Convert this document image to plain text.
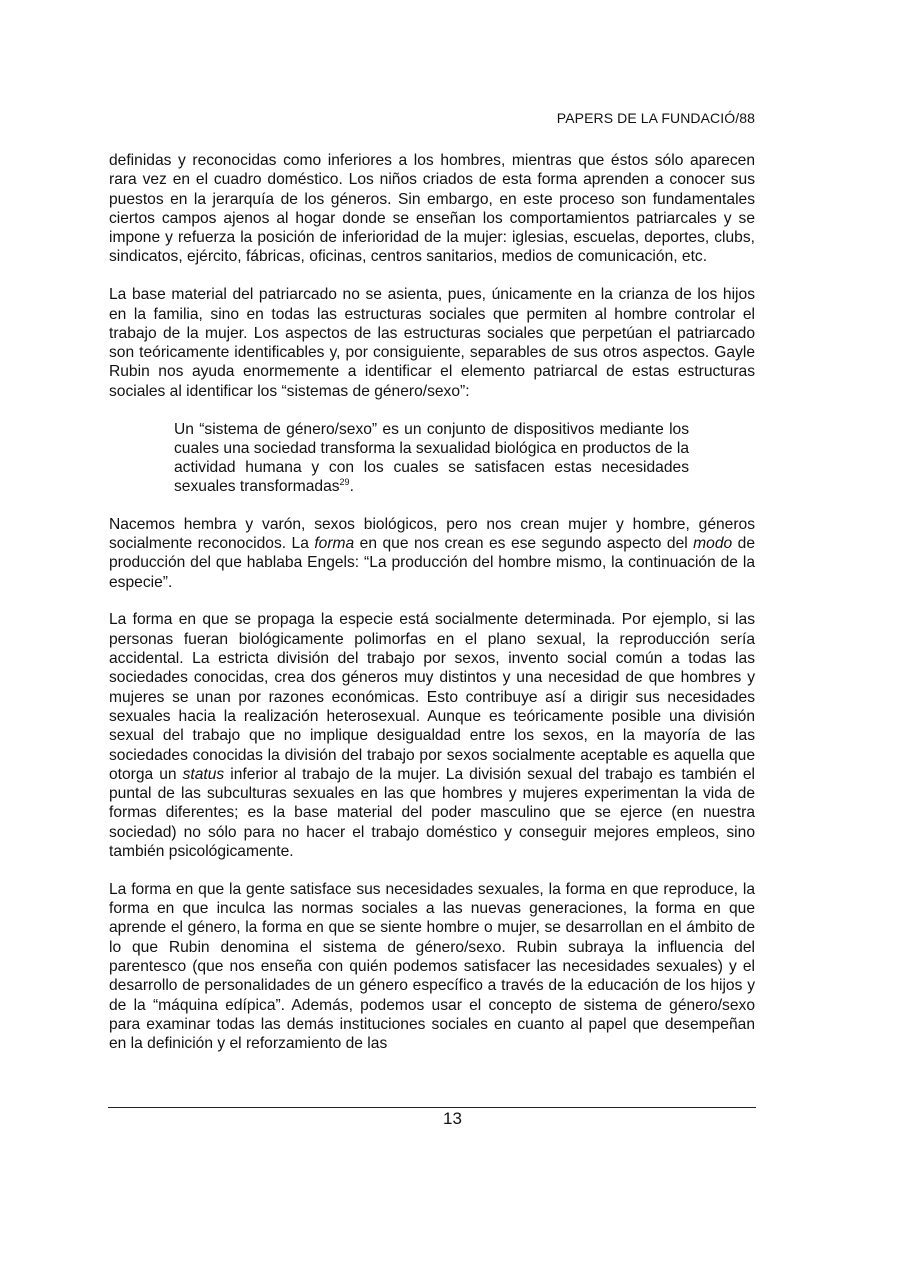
PAPERS DE LA FUNDACIÓ/88

definidas y reconocidas como inferiores a los hombres, mientras que éstos sólo aparecen rara vez en el cuadro doméstico. Los niños criados de esta forma aprenden a conocer sus puestos en la jerarquía de los géneros. Sin embargo, en este proceso son fundamentales ciertos campos ajenos al hogar donde se enseñan los comportamientos patriarcales y se impone y refuerza la posición de inferioridad de la mujer: iglesias, escuelas, deportes, clubs, sindicatos, ejército, fábricas, oficinas, centros sanitarios, medios de comunicación, etc.

La base material del patriarcado no se asienta, pues, únicamente en la crianza de los hijos en la familia, sino en todas las estructuras sociales que permiten al hombre controlar el trabajo de la mujer. Los aspectos de las estructuras sociales que perpetúan el patriarcado son teóricamente identificables y, por consiguiente, separables de sus otros aspectos. Gayle Rubin nos ayuda enormemente a identificar el elemento patriarcal de estas estructuras sociales al identificar los “sistemas de género/sexo”:

Un “sistema de género/sexo” es un conjunto de dispositivos mediante los cuales una sociedad transforma la sexualidad biológica en productos de la actividad humana y con los cuales se satisfacen estas necesidades sexuales transformadas$^{29}$.

Nacemos hembra y varón, sexos biológicos, pero nos crean mujer y hombre, géneros socialmente reconocidos. La forma en que nos crean es ese segundo aspecto del modo de producción del que hablaba Engels: “La producción del hombre mismo, la continuación de la especie”.

La forma en que se propaga la especie está socialmente determinada. Por ejemplo, si las personas fueran biológicamente polimorfas en el plano sexual, la reproducción sería accidental. La estricta división del trabajo por sexos, invento social común a todas las sociedades conocidas, crea dos géneros muy distintos y una necesidad de que hombres y mujeres se unan por razones económicas. Esto contribuye así a dirigir sus necesidades sexuales hacia la realización heterosexual. Aunque es teóricamente posible una división sexual del trabajo que no implique desigualdad entre los sexos, en la mayoría de las sociedades conocidas la división del trabajo por sexos socialmente aceptable es aquella que otorga un status inferior al trabajo de la mujer. La división sexual del trabajo es también el puntal de las subculturas sexuales en las que hombres y mujeres experimentan la vida de formas diferentes; es la base material del poder masculino que se ejerce (en nuestra sociedad) no sólo para no hacer el trabajo doméstico y conseguir mejores empleos, sino también psicológicamente.

La forma en que la gente satisface sus necesidades sexuales, la forma en que reproduce, la forma en que inculca las normas sociales a las nuevas generaciones, la forma en que aprende el género, la forma en que se siente hombre o mujer, se desarrollan en el ámbito de lo que Rubin denomina el sistema de género/sexo. Rubin subraya la influencia del parentesco (que nos enseña con quién podemos satisfacer las necesidades sexuales) y el desarrollo de personalidades de un género específico a través de la educación de los hijos y de la “máquina edípica”. Además, podemos usar el concepto de sistema de género/sexo para examinar todas las demás instituciones sociales en cuanto al papel que desempeñan en la definición y el reforzamiento de las

13
